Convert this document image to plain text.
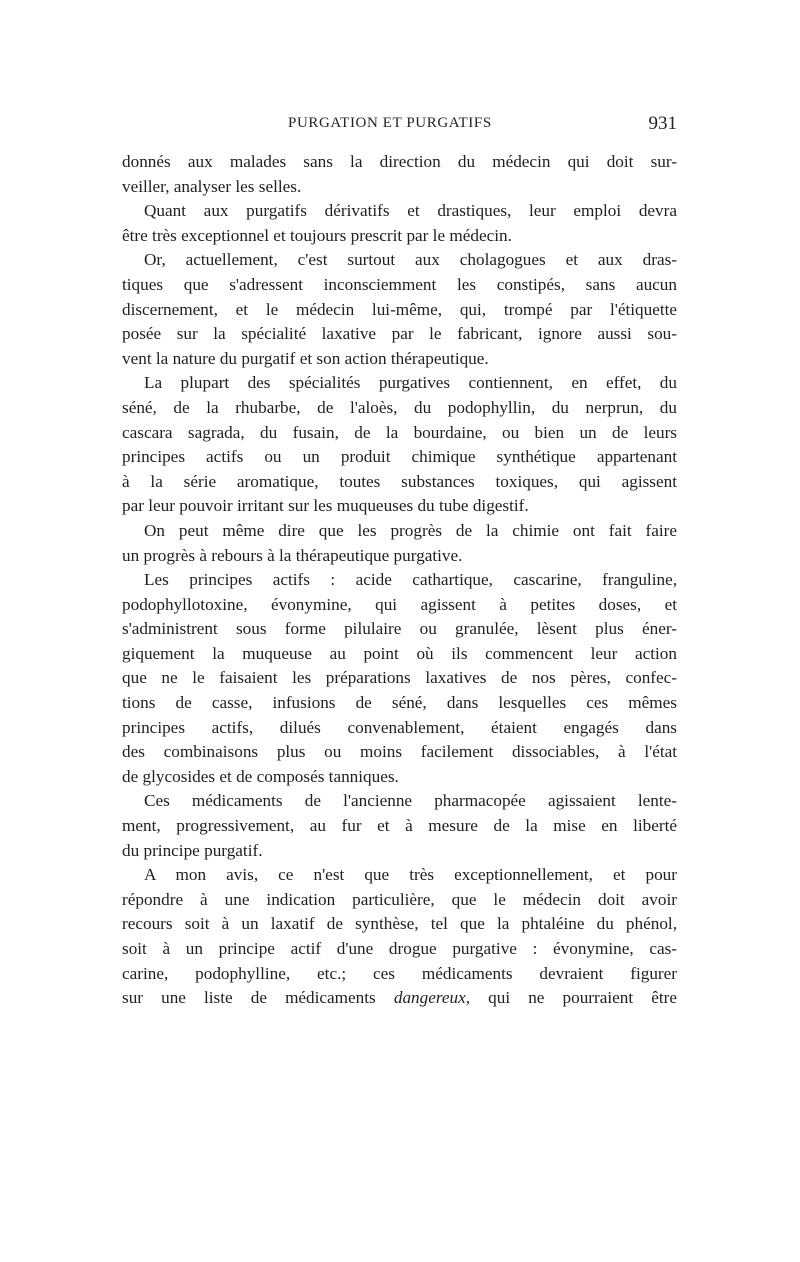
PURGATION ET PURGATIFS	931
donnés aux malades sans la direction du médecin qui doit sur-
veiller, analyser les selles.
Quant aux purgatifs dérivatifs et drastiques, leur emploi devra
être très exceptionnel et toujours prescrit par le médecin.
Or, actuellement, c'est surtout aux cholagogues et aux dras-
tiques que s'adressent inconsciemment les constipés, sans aucun
discernement, et le médecin lui-même, qui, trompé par l'étiquette
posée sur la spécialité laxative par le fabricant, ignore aussi sou-
vent la nature du purgatif et son action thérapeutique.
La plupart des spécialités purgatives contiennent, en effet, du
séné, de la rhubarbe, de l'aloès, du podophyllin, du nerprun, du
cascara sagrada, du fusain, de la bourdaine, ou bien un de leurs
principes actifs ou un produit chimique synthétique appartenant
à la série aromatique, toutes substances toxiques, qui agissent
par leur pouvoir irritant sur les muqueuses du tube digestif.
On peut même dire que les progrès de la chimie ont fait faire
un progrès à rebours à la thérapeutique purgative.
Les principes actifs : acide cathartique, cascarine, franguline,
podophyllotoxine, évonymine, qui agissent à petites doses, et
s'administrent sous forme pilulaire ou granulée, lèsent plus éner-
giquement la muqueuse au point où ils commencent leur action
que ne le faisaient les préparations laxatives de nos pères, confec-
tions de casse, infusions de séné, dans lesquelles ces mêmes
principes actifs, dilués convenablement, étaient engagés dans
des combinaisons plus ou moins facilement dissociables, à l'état
de glycosides et de composés tanniques.
Ces médicaments de l'ancienne pharmacopée agissaient lente-
ment, progressivement, au fur et à mesure de la mise en liberté
du principe purgatif.
A mon avis, ce n'est que très exceptionnellement, et pour
répondre à une indication particulière, que le médecin doit avoir
recours soit à un laxatif de synthèse, tel que la phtaléine du phénol,
soit à un principe actif d'une drogue purgative : évonymine, cas-
carine, podophylline, etc.; ces médicaments devraient figurer
sur une liste de médicaments dangereux, qui ne pourraient être
